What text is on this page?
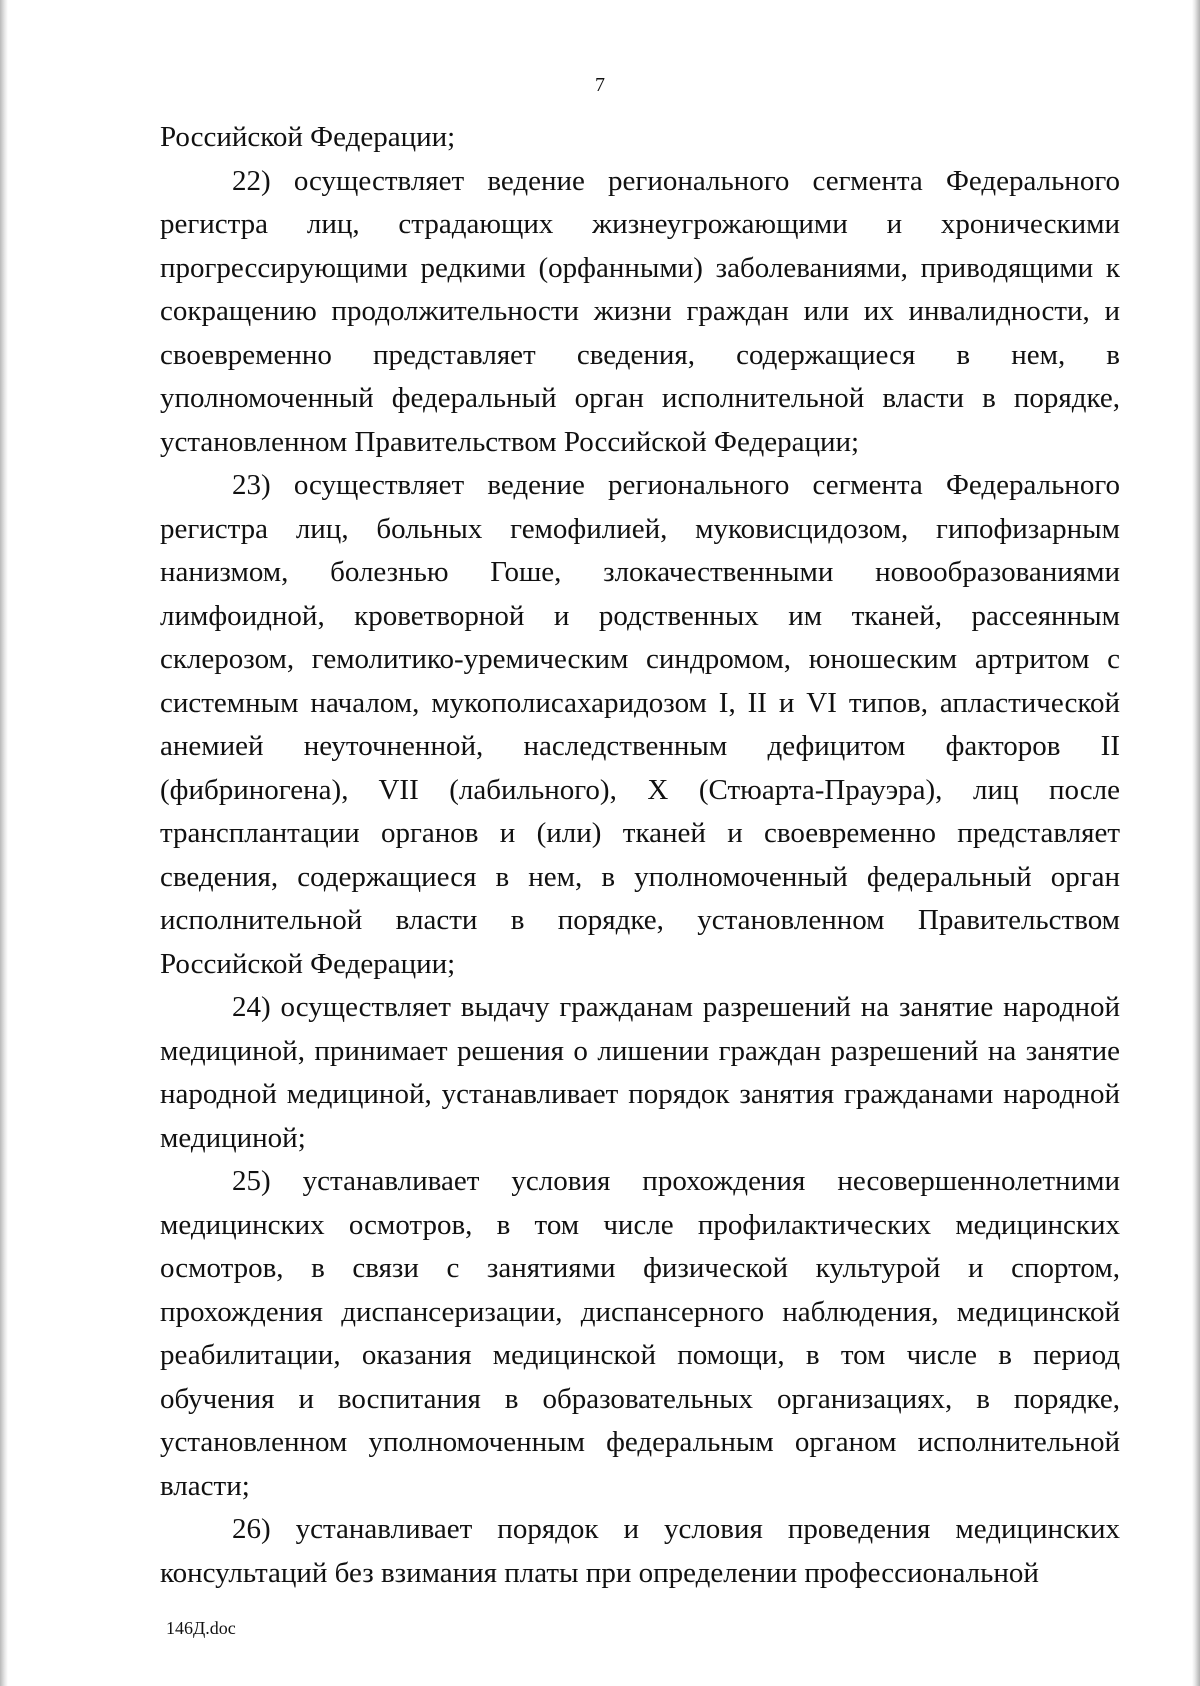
7

Российской Федерации;

22) осуществляет ведение регионального сегмента Федерального регистра лиц, страдающих жизнеугрожающими и хроническими прогрессирующими редкими (орфанными) заболеваниями, приводящими к сокращению продолжительности жизни граждан или их инвалидности, и своевременно представляет сведения, содержащиеся в нем, в уполномоченный федеральный орган исполнительной власти в порядке, установленном Правительством Российской Федерации;

23) осуществляет ведение регионального сегмента Федерального регистра лиц, больных гемофилией, муковисцидозом, гипофизарным нанизмом, болезнью Гоше, злокачественными новообразованиями лимфоидной, кроветворной и родственных им тканей, рассеянным склерозом, гемолитико-уремическим синдромом, юношеским артритом с системным началом, мукополисахаридозом I, II и VI типов, апластической анемией неуточненной, наследственным дефицитом факторов II (фибриногена), VII (лабильного), X (Стюарта-Прауэра), лиц после трансплантации органов и (или) тканей и своевременно представляет сведения, содержащиеся в нем, в уполномоченный федеральный орган исполнительной власти в порядке, установленном Правительством Российской Федерации;

24) осуществляет выдачу гражданам разрешений на занятие народной медициной, принимает решения о лишении граждан разрешений на занятие народной медициной, устанавливает порядок занятия гражданами народной медициной;

25) устанавливает условия прохождения несовершеннолетними медицинских осмотров, в том числе профилактических медицинских осмотров, в связи с занятиями физической культурой и спортом, прохождения диспансеризации, диспансерного наблюдения, медицинской реабилитации, оказания медицинской помощи, в том числе в период обучения и воспитания в образовательных организациях, в порядке, установленном уполномоченным федеральным органом исполнительной власти;

26) устанавливает порядок и условия проведения медицинских консультаций без взимания платы при определении профессиональной

146Д.doc
